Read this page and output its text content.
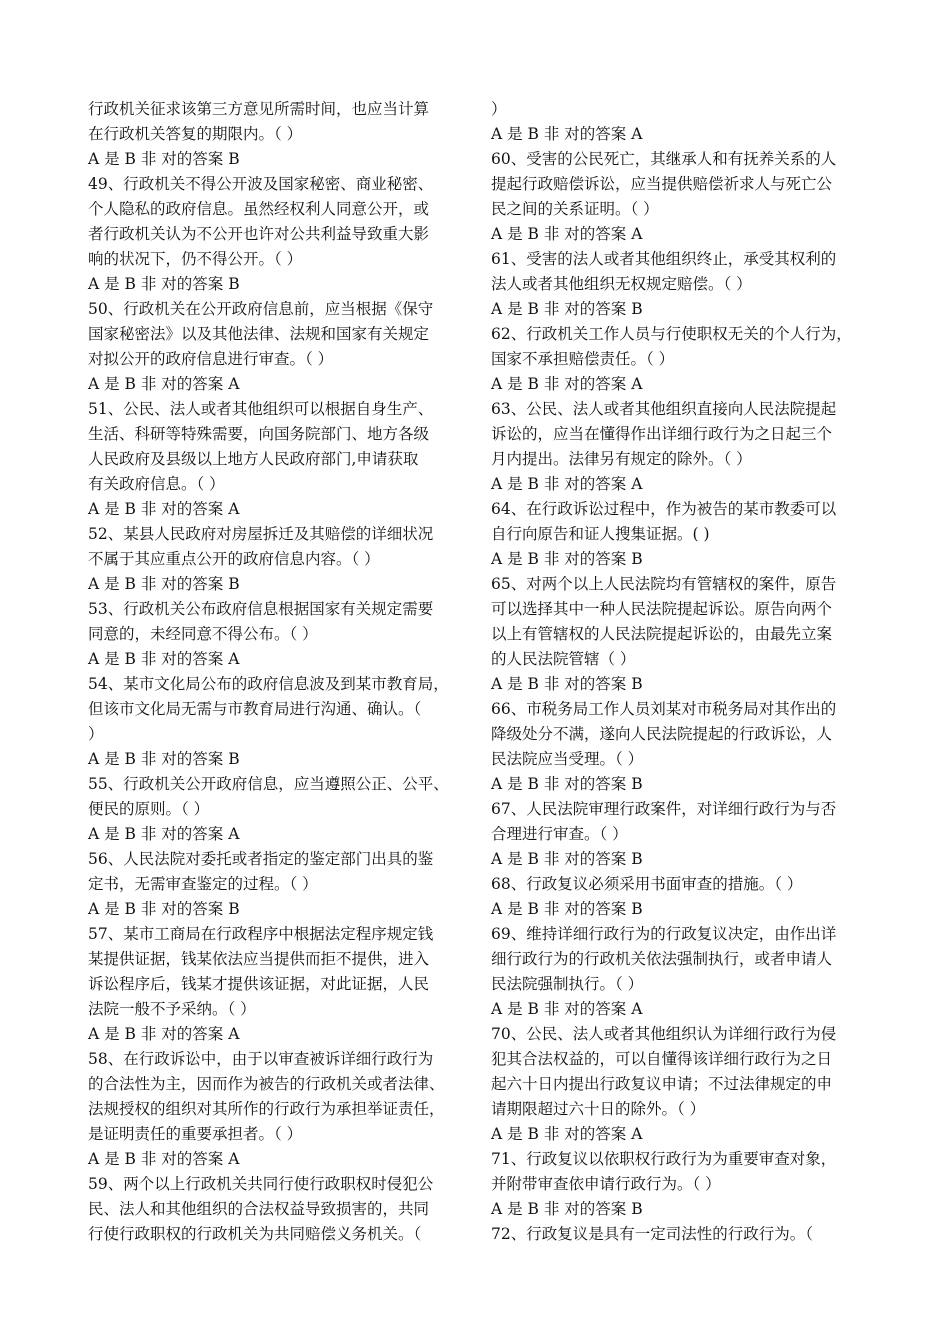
行政机关征求该第三方意见所需时间，也应当计算
在行政机关答复的期限内。（ ）
A 是 B 非 对的答案 B
49、行政机关不得公开波及国家秘密、商业秘密、
个人隐私的政府信息。虽然经权利人同意公开，或
者行政机关认为不公开也许对公共利益导致重大影
响的状况下，仍不得公开。（ ）
A 是 B 非 对的答案 B
50、行政机关在公开政府信息前，应当根据《保守
国家秘密法》以及其他法律、法规和国家有关规定
对拟公开的政府信息进行审查。（ ）
A 是 B 非 对的答案 A
51、公民、法人或者其他组织可以根据自身生产、
生活、科研等特殊需要，向国务院部门、地方各级
人民政府及县级以上地方人民政府部门,申请获取
有关政府信息。（ ）
A 是 B 非 对的答案 A
52、某县人民政府对房屋拆迁及其赔偿的详细状况
不属于其应重点公开的政府信息内容。（ ）
A 是 B 非 对的答案 B
53、行政机关公布政府信息根据国家有关规定需要
同意的，未经同意不得公布。（ ）
A 是 B 非 对的答案 A
54、某市文化局公布的政府信息波及到某市教育局，
但该市文化局无需与市教育局进行沟通、确认。（
）
A 是 B 非 对的答案 B
55、行政机关公开政府信息，应当遵照公正、公平、
便民的原则。（ ）
A 是 B 非 对的答案 A
56、人民法院对委托或者指定的鉴定部门出具的鉴
定书，无需审查鉴定的过程。（ ）
A 是 B 非 对的答案 B
57、某市工商局在行政程序中根据法定程序规定钱
某提供证据，钱某依法应当提供而拒不提供，进入
诉讼程序后，钱某才提供该证据，对此证据，人民
法院一般不予采纳。（ ）
A 是 B 非 对的答案 A
58、在行政诉讼中，由于以审查被诉详细行政行为
的合法性为主，因而作为被告的行政机关或者法律、
法规授权的组织对其所作的行政行为承担举证责任，
是证明责任的重要承担者。（ ）
A 是 B 非 对的答案 A
59、两个以上行政机关共同行使行政职权时侵犯公
民、法人和其他组织的合法权益导致损害的，共同
行使行政职权的行政机关为共同赔偿义务机关。（
）
A 是 B 非 对的答案 A
60、受害的公民死亡，其继承人和有抚养关系的人
提起行政赔偿诉讼，应当提供赔偿祈求人与死亡公
民之间的关系证明。（ ）
A 是 B 非 对的答案 A
61、受害的法人或者其他组织终止，承受其权利的
法人或者其他组织无权规定赔偿。（ ）
A 是 B 非 对的答案 B
62、行政机关工作人员与行使职权无关的个人行为，
国家不承担赔偿责任。（ ）
A 是 B 非 对的答案 A
63、公民、法人或者其他组织直接向人民法院提起
诉讼的，应当在懂得作出详细行政行为之日起三个
月内提出。法律另有规定的除外。（ ）
A 是 B 非 对的答案 A
64、在行政诉讼过程中，作为被告的某市教委可以
自行向原告和证人搜集证据。( )
A 是 B 非 对的答案 B
65、对两个以上人民法院均有管辖权的案件，原告
可以选择其中一种人民法院提起诉讼。原告向两个
以上有管辖权的人民法院提起诉讼的，由最先立案
的人民法院管辖（ ）
A 是 B 非 对的答案 B
66、市税务局工作人员刘某对市税务局对其作出的
降级处分不满，遂向人民法院提起的行政诉讼，人
民法院应当受理。（ ）
A 是 B 非 对的答案 B
67、人民法院审理行政案件，对详细行政行为与否
合理进行审查。（ ）
A 是 B 非 对的答案 B
68、行政复议必须采用书面审查的措施。（ ）
A 是 B 非 对的答案 B
69、维持详细行政行为的行政复议决定，由作出详
细行政行为的行政机关依法强制执行，或者申请人
民法院强制执行。（ ）
A 是 B 非 对的答案 A
70、公民、法人或者其他组织认为详细行政行为侵
犯其合法权益的，可以自懂得该详细行政行为之日
起六十日内提出行政复议申请；不过法律规定的申
请期限超过六十日的除外。（ ）
A 是 B 非 对的答案 A
71、行政复议以依职权行政行为为重要审查对象，
并附带审查依申请行政行为。（ ）
A 是 B 非 对的答案 B
72、行政复议是具有一定司法性的行政行为。（
